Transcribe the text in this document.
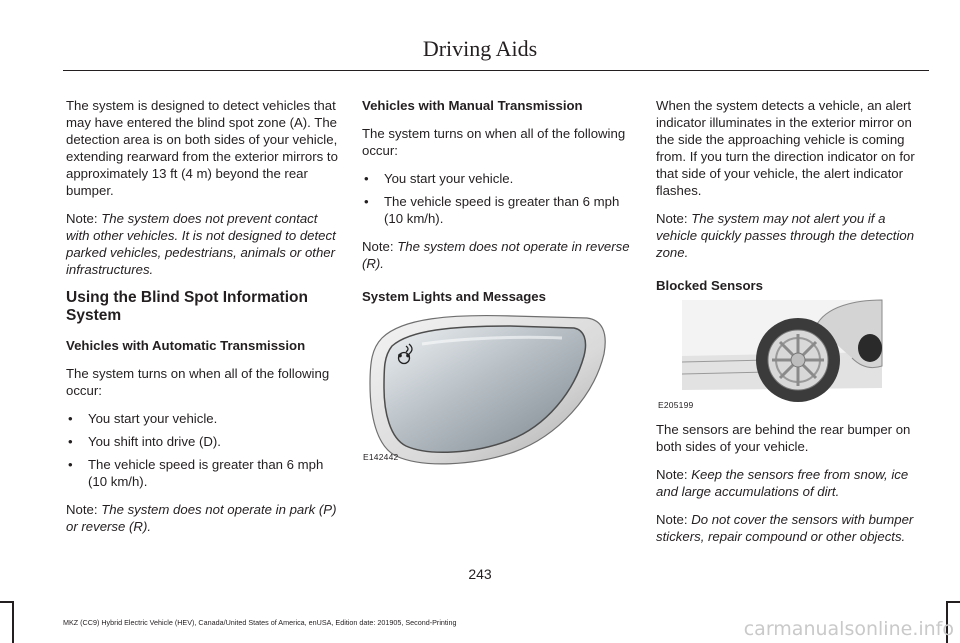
Driving Aids

The system is designed to detect vehicles that may have entered the blind spot zone (A). The detection area is on both sides of your vehicle, extending rearward from the exterior mirrors to approximately 13 ft (4 m) beyond the rear bumper.

Note: The system does not prevent contact with other vehicles. It is not designed to detect parked vehicles, pedestrians, animals or other infrastructures.

Using the Blind Spot Information System

Vehicles with Automatic Transmission

The system turns on when all of the following occur:

• You start your vehicle.
• You shift into drive (D).
• The vehicle speed is greater than 6 mph (10 km/h).

Note: The system does not operate in park (P) or reverse (R).

Vehicles with Manual Transmission

The system turns on when all of the following occur:

• You start your vehicle.
• The vehicle speed is greater than 6 mph (10 km/h).

Note: The system does not operate in reverse (R).

System Lights and Messages

E142442

When the system detects a vehicle, an alert indicator illuminates in the exterior mirror on the side the approaching vehicle is coming from. If you turn the direction indicator on for that side of your vehicle, the alert indicator flashes.

Note: The system may not alert you if a vehicle quickly passes through the detection zone.

Blocked Sensors

E205199

The sensors are behind the rear bumper on both sides of your vehicle.

Note: Keep the sensors free from snow, ice and large accumulations of dirt.

Note: Do not cover the sensors with bumper stickers, repair compound or other objects.

243
MKZ (CC9) Hybrid Electric Vehicle (HEV), Canada/United States of America, enUSA, Edition date: 201905, Second-Printing	carmanualsonline.info
